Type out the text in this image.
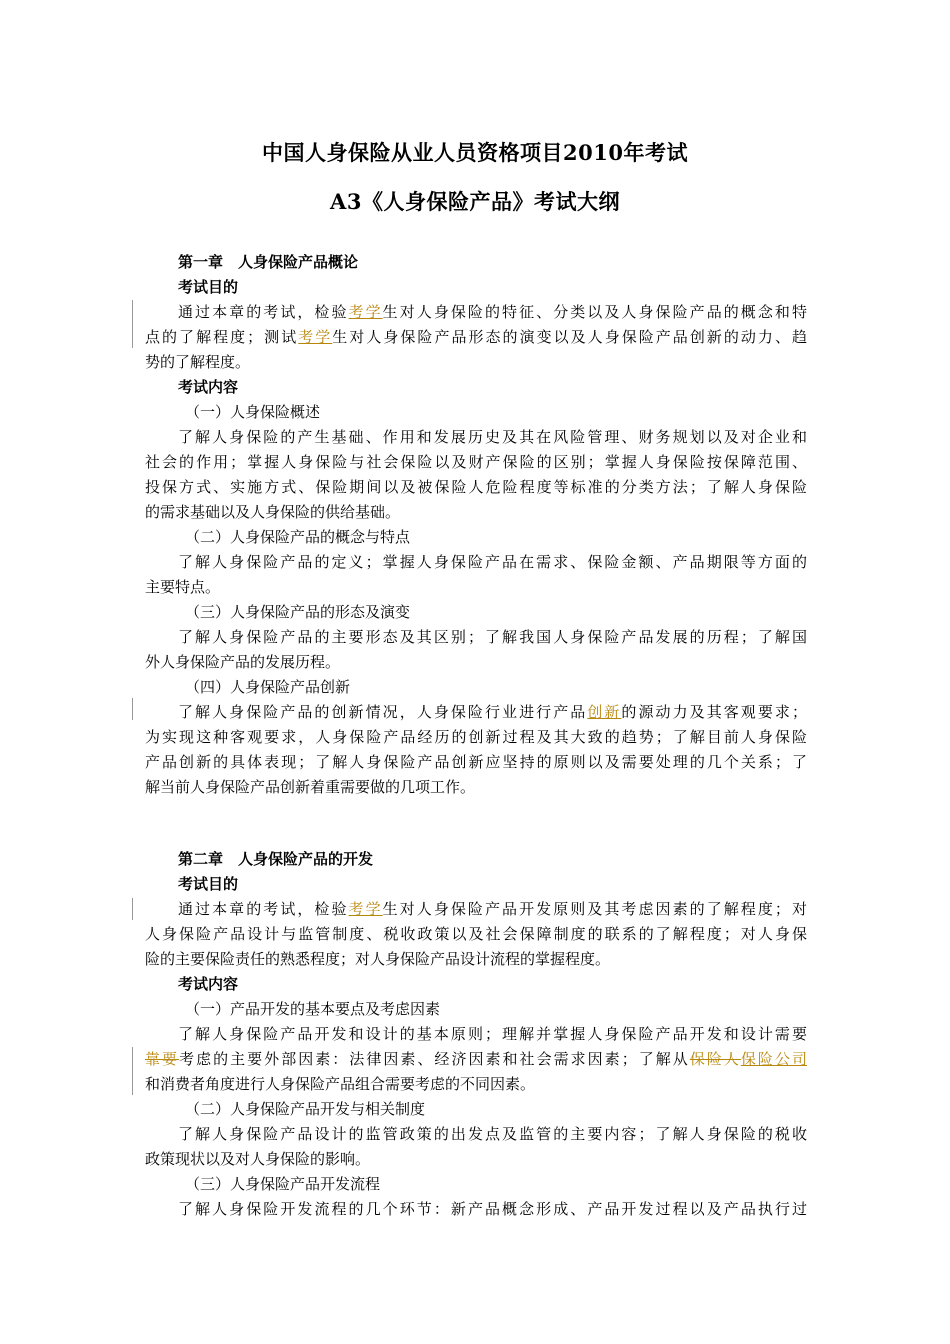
中国人身保险从业人员资格项目2010年考试
A3《人身保险产品》考试大纲
第一章　人身保险产品概论
考试目的
通过本章的考试，检验考学生对人身保险的特征、分类以及人身保险产品的概念和特
点的了解程度；测试考学生对人身保险产品形态的演变以及人身保险产品创新的动力、趋
势的了解程度。
考试内容
（一）人身保险概述
了解人身保险的产生基础、作用和发展历史及其在风险管理、财务规划以及对企业和
社会的作用；掌握人身保险与社会保险以及财产保险的区别；掌握人身保险按保障范围、
投保方式、实施方式、保险期间以及被保险人危险程度等标准的分类方法；了解人身保险
的需求基础以及人身保险的供给基础。
（二）人身保险产品的概念与特点
了解人身保险产品的定义；掌握人身保险产品在需求、保险金额、产品期限等方面的
主要特点。
（三）人身保险产品的形态及演变
了解人身保险产品的主要形态及其区别；了解我国人身保险产品发展的历程；了解国
外人身保险产品的发展历程。
（四）人身保险产品创新
了解人身保险产品的创新情况，人身保险行业进行产品创新的源动力及其客观要求；
为实现这种客观要求，人身保险产品经历的创新过程及其大致的趋势；了解目前人身保险
产品创新的具体表现；了解人身保险产品创新应坚持的原则以及需要处理的几个关系；了
解当前人身保险产品创新着重需要做的几项工作。
第二章　人身保险产品的开发
考试目的
通过本章的考试，检验考学生对人身保险产品开发原则及其考虑因素的了解程度；对
人身保险产品设计与监管制度、税收政策以及社会保障制度的联系的了解程度；对人身保
险的主要保险责任的熟悉程度；对人身保险产品设计流程的掌握程度。
考试内容
（一）产品开发的基本要点及考虑因素
了解人身保险产品开发和设计的基本原则；理解并掌握人身保险产品开发和设计需要
靠要考虑的主要外部因素：法律因素、经济因素和社会需求因素；了解从保险人保险公司
和消费者角度进行人身保险产品组合需要考虑的不同因素。
（二）人身保险产品开发与相关制度
了解人身保险产品设计的监管政策的出发点及监管的主要内容；了解人身保险的税收
政策现状以及对人身保险的影响。
（三）人身保险产品开发流程
了解人身保险开发流程的几个环节：新产品概念形成、产品开发过程以及产品执行过
